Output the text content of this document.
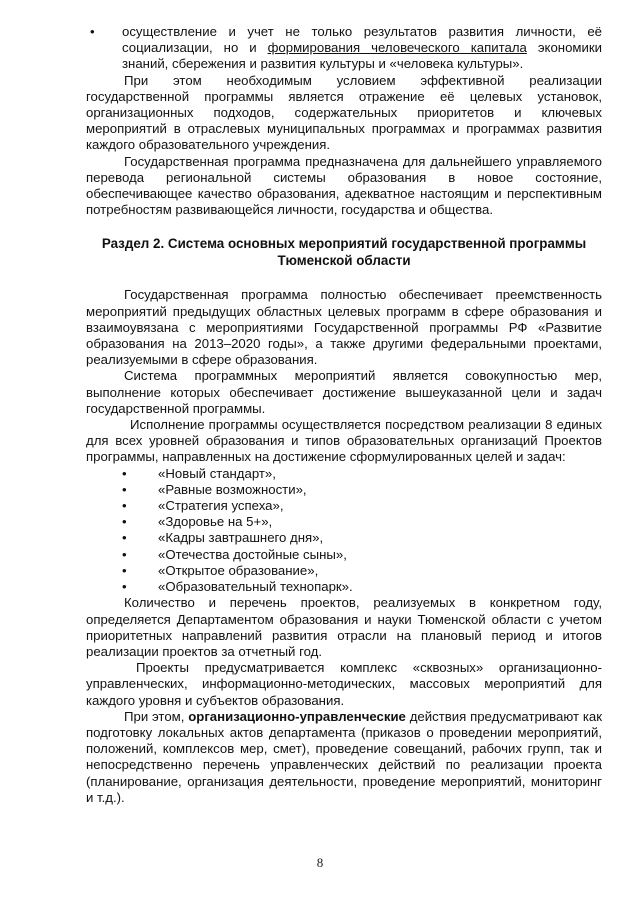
•	осуществление и учет не только результатов развития личности, её социализации, но и формирования человеческого капитала экономики знаний, сбережения и развития культуры и «человека культуры».

При этом необходимым условием эффективной реализации государственной программы является отражение её целевых установок, организационных подходов, содержательных приоритетов и ключевых мероприятий в отраслевых муниципальных программах и программах развития каждого образовательного учреждения.

Государственная программа предназначена для дальнейшего управляемого перевода региональной системы образования в новое состояние, обеспечивающее качество образования, адекватное настоящим и перспективным потребностям развивающейся личности, государства и общества.

Раздел 2. Система основных мероприятий государственной программы
Тюменской области

Государственная программа полностью обеспечивает преемственность мероприятий предыдущих областных целевых программ в сфере образования и взаимоувязана с мероприятиями Государственной программы РФ «Развитие образования на 2013–2020 годы», а также другими федеральными проектами, реализуемыми в сфере образования.

Система программных мероприятий является совокупностью мер, выполнение которых обеспечивает достижение вышеуказанной цели и задач государственной программы.

Исполнение программы осуществляется посредством реализации 8 единых для всех уровней образования и типов образовательных организаций Проектов программы, направленных на достижение сформулированных целей и задач:

•	«Новый стандарт»,
•	«Равные возможности»,
•	«Стратегия успеха»,
•	«Здоровье на 5+»,
•	«Кадры завтрашнего дня»,
•	«Отечества достойные сыны»,
•	«Открытое образование»,
•	«Образовательный технопарк».

Количество и перечень проектов, реализуемых в конкретном году, определяется Департаментом образования и науки Тюменской области с учетом приоритетных направлений развития отрасли на плановый период и итогов реализации проектов за отчетный год.

Проекты предусматривается комплекс «сквозных» организационно-управленческих, информационно-методических, массовых мероприятий для каждого уровня и субъектов образования.

При этом, организационно-управленческие действия предусматривают как подготовку локальных актов департамента (приказов о проведении мероприятий, положений, комплексов мер, смет), проведение совещаний, рабочих групп, так и непосредственно перечень управленческих действий по реализации проекта (планирование, организация деятельности, проведение мероприятий, мониторинг и т.д.).

8
